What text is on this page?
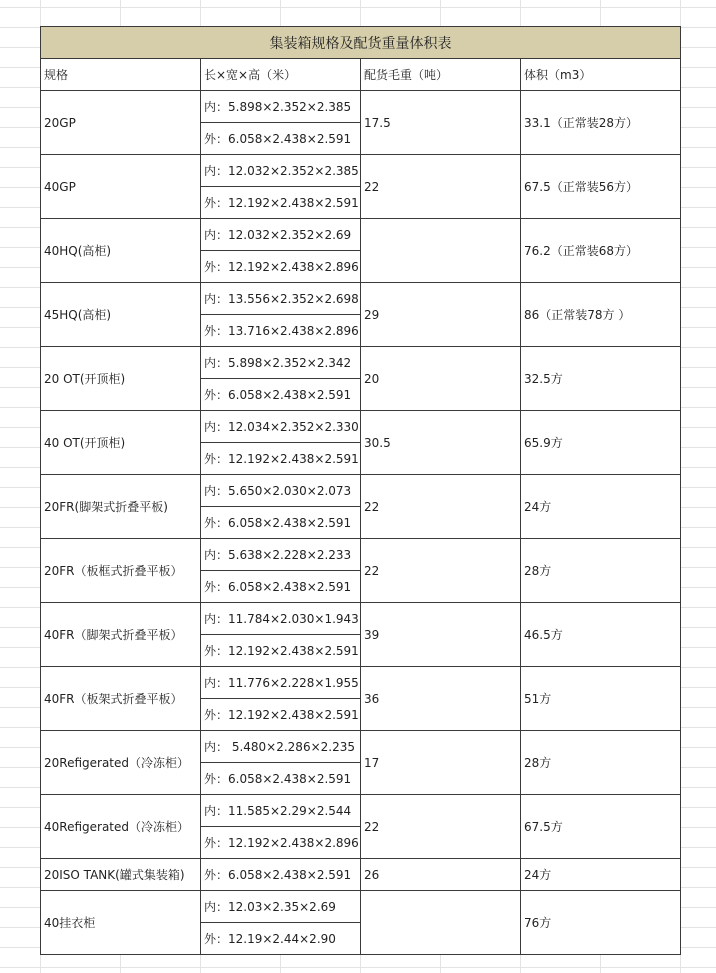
集装箱规格及配货重量体积表			
规格	长×宽×高（米）	配货毛重（吨）	体积（m3）
20GP	内：5.898×2.352×2.385	17.5	33.1（正常装28方）
	外：6.058×2.438×2.591		
40GP	内：12.032×2.352×2.385	22	67.5（正常装56方）
	外：12.192×2.438×2.591		
40HQ(高柜)	内：12.032×2.352×2.69		76.2（正常装68方）
	外：12.192×2.438×2.896		
45HQ(高柜)	内：13.556×2.352×2.698	29	86（正常装78方 ）
	外：13.716×2.438×2.896		
20 OT(开顶柜)	内：5.898×2.352×2.342	20	32.5方
	外：6.058×2.438×2.591		
40 OT(开顶柜)	内：12.034×2.352×2.330	30.5	65.9方
	外：12.192×2.438×2.591		
20FR(脚架式折叠平板)	内：5.650×2.030×2.073	22	24方
	外：6.058×2.438×2.591		
20FR（板框式折叠平板）	内：5.638×2.228×2.233	22	28方
	外：6.058×2.438×2.591		
40FR（脚架式折叠平板）	内：11.784×2.030×1.943	39	46.5方
	外：12.192×2.438×2.591		
40FR（板架式折叠平板）	内：11.776×2.228×1.955	36	51方
	外：12.192×2.438×2.591		
20Refigerated（冷冻柜）	内： 5.480×2.286×2.235	17	28方
	外：6.058×2.438×2.591		
40Refigerated（冷冻柜）	内：11.585×2.29×2.544	22	67.5方
	外：12.192×2.438×2.896		
20ISO TANK(罐式集装箱)	外：6.058×2.438×2.591	26	24方
40挂衣柜	内：12.03×2.35×2.69		76方
	外：12.19×2.44×2.90		
